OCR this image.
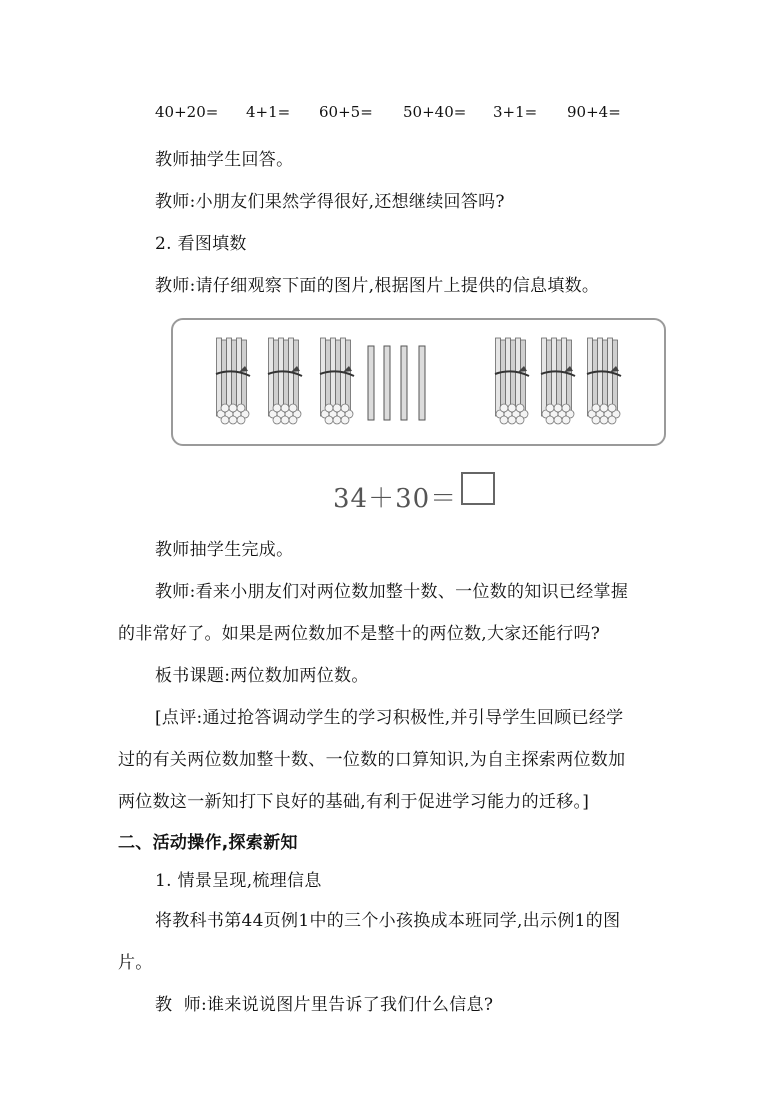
40+20= 4+1= 60+5= 50+40= 3+1= 90+4=
教师抽学生回答。
教师:小朋友们果然学得很好,还想继续回答吗?
2. 看图填数
教师:请仔细观察下面的图片,根据图片上提供的信息填数。
34＋30＝
教师抽学生完成。
教师:看来小朋友们对两位数加整十数、一位数的知识已经掌握
的非常好了。如果是两位数加不是整十的两位数,大家还能行吗?
板书课题:两位数加两位数。
[点评:通过抢答调动学生的学习积极性,并引导学生回顾已经学
过的有关两位数加整十数、一位数的口算知识,为自主探索两位数加
两位数这一新知打下良好的基础,有利于促进学习能力的迁移。]
二、活动操作,探索新知
1. 情景呈现,梳理信息
将教科书第44页例1中的三个小孩换成本班同学,出示例1的图
片。
教  师:谁来说说图片里告诉了我们什么信息?
